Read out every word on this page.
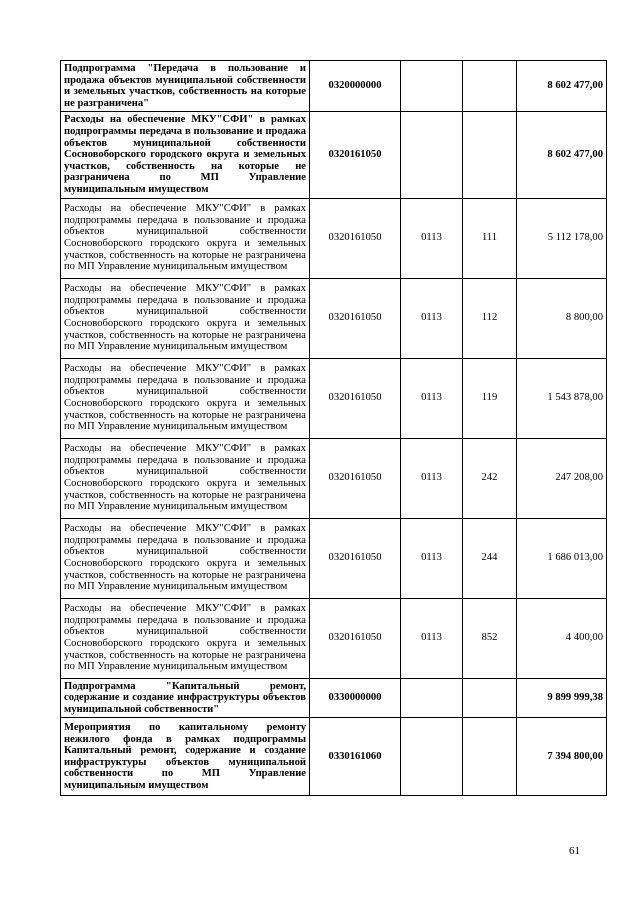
Подпрограмма "Передача в пользование и продажа объектов муниципальной собственности и земельных участков, собственность на которые не разграничена"	0320000000			8 602 477,00
Расходы на обеспечение МКУ"СФИ" в рамках подпрограммы передача в пользование и продажа объектов муниципальной собственности Сосновоборского городского округа и земельных участков, собственность на которые не разграничена по МП Управление муниципальным имуществом	0320161050			8 602 477,00
Расходы на обеспечение МКУ"СФИ" в рамках подпрограммы передача в пользование и продажа объектов муниципальной собственности Сосновоборского городского округа и земельных участков, собственность на которые не разграничена по МП Управление муниципальным имуществом	0320161050	0113	111	5 112 178,00
Расходы на обеспечение МКУ"СФИ" в рамках подпрограммы передача в пользование и продажа объектов муниципальной собственности Сосновоборского городского округа и земельных участков, собственность на которые не разграничена по МП Управление муниципальным имуществом	0320161050	0113	112	8 800,00
Расходы на обеспечение МКУ"СФИ" в рамках подпрограммы передача в пользование и продажа объектов муниципальной собственности Сосновоборского городского округа и земельных участков, собственность на которые не разграничена по МП Управление муниципальным имуществом	0320161050	0113	119	1 543 878,00
Расходы на обеспечение МКУ"СФИ" в рамках подпрограммы передача в пользование и продажа объектов муниципальной собственности Сосновоборского городского округа и земельных участков, собственность на которые не разграничена по МП Управление муниципальным имуществом	0320161050	0113	242	247 208,00
Расходы на обеспечение МКУ"СФИ" в рамках подпрограммы передача в пользование и продажа объектов муниципальной собственности Сосновоборского городского округа и земельных участков, собственность на которые не разграничена по МП Управление муниципальным имуществом	0320161050	0113	244	1 686 013,00
Расходы на обеспечение МКУ"СФИ" в рамках подпрограммы передача в пользование и продажа объектов муниципальной собственности Сосновоборского городского округа и земельных участков, собственность на которые не разграничена по МП Управление муниципальным имуществом	0320161050	0113	852	4 400,00
Подпрограмма "Капитальный ремонт, содержание и создание инфраструктуры объектов муниципальной собственности"	0330000000			9 899 999,38
Мероприятия по капитальному ремонту нежилого фонда в рамках подпрограммы Капитальный ремонт, содержание и создание инфраструктуры объектов муниципальной собственности по МП Управление муниципальным имуществом	0330161060			7 394 800,00
61
